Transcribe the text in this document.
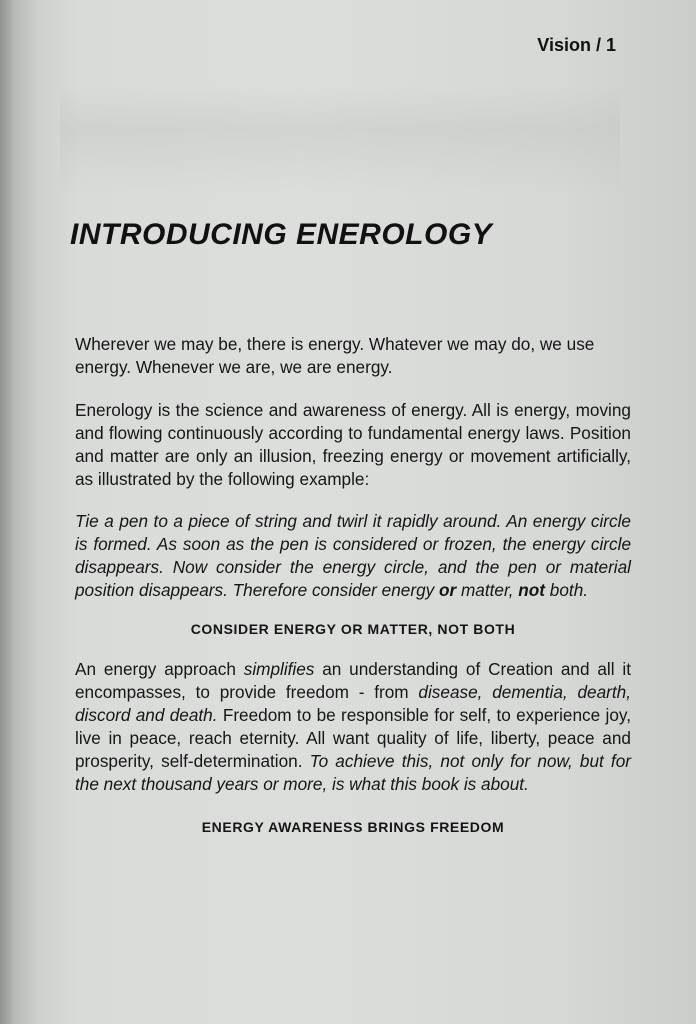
Vision / 1
INTRODUCING ENEROLOGY

Wherever we may be, there is energy. Whatever we may do, we use energy. Whenever we are, we are energy.

Enerology is the science and awareness of energy. All is energy, moving and flowing continuously according to fundamental energy laws. Position and matter are only an illusion, freezing energy or movement artificially, as illustrated by the following example:

Tie a pen to a piece of string and twirl it rapidly around. An energy circle is formed. As soon as the pen is considered or frozen, the energy circle disappears. Now consider the energy circle, and the pen or material position disappears. Therefore consider energy or matter, not both.

CONSIDER ENERGY OR MATTER, NOT BOTH

An energy approach simplifies an understanding of Creation and all it encompasses, to provide freedom - from disease, dementia, dearth, discord and death. Freedom to be responsible for self, to experience joy, live in peace, reach eternity. All want quality of life, liberty, peace and prosperity, self-determination. To achieve this, not only for now, but for the next thousand years or more, is what this book is about.

ENERGY AWARENESS BRINGS FREEDOM
